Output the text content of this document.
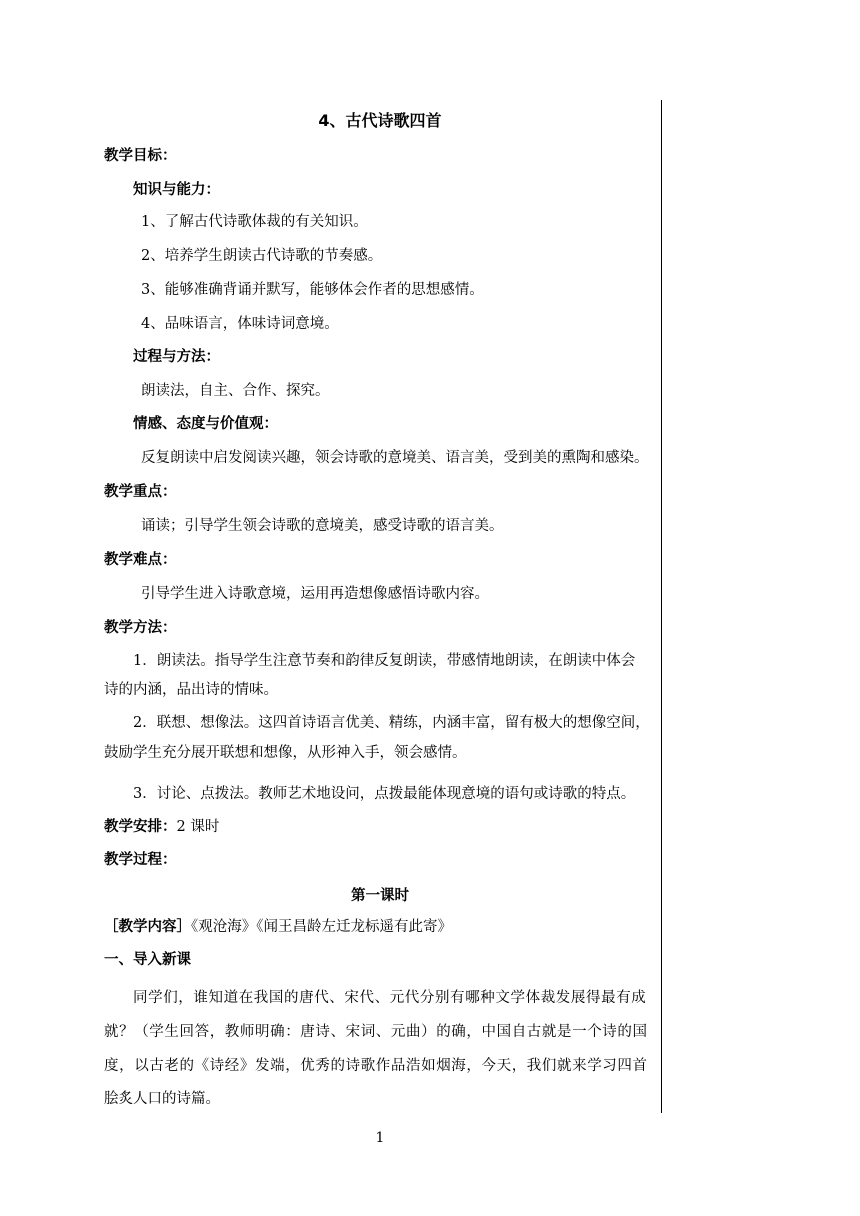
4、古代诗歌四首
教学目标：
知识与能力：
1、了解古代诗歌体裁的有关知识。
2、培养学生朗读古代诗歌的节奏感。
3、能够准确背诵并默写，能够体会作者的思想感情。
4、品味语言，体味诗词意境。
过程与方法：
朗读法，自主、合作、探究。
情感、态度与价值观：
反复朗读中启发阅读兴趣，领会诗歌的意境美、语言美，受到美的熏陶和感染。
教学重点：
诵读；引导学生领会诗歌的意境美，感受诗歌的语言美。
教学难点：
引导学生进入诗歌意境，运用再造想像感悟诗歌内容。
教学方法：
1．朗读法。指导学生注意节奏和韵律反复朗读，带感情地朗读，在朗读中体会
诗的内涵，品出诗的情味。
2．联想、想像法。这四首诗语言优美、精练，内涵丰富，留有极大的想像空间，
鼓励学生充分展开联想和想像，从形神入手，领会感情。
3．讨论、点拨法。教师艺术地设问，点拨最能体现意境的语句或诗歌的特点。
教学安排：2 课时
教学过程：
第一课时
［教学内容］《观沧海》《闻王昌龄左迁龙标遥有此寄》
一、导入新课
同学们，谁知道在我国的唐代、宋代、元代分别有哪种文学体裁发展得最有成
就？（学生回答，教师明确：唐诗、宋词、元曲）的确，中国自古就是一个诗的国
度，以古老的《诗经》发端，优秀的诗歌作品浩如烟海，今天，我们就来学习四首
脍炙人口的诗篇。
1
